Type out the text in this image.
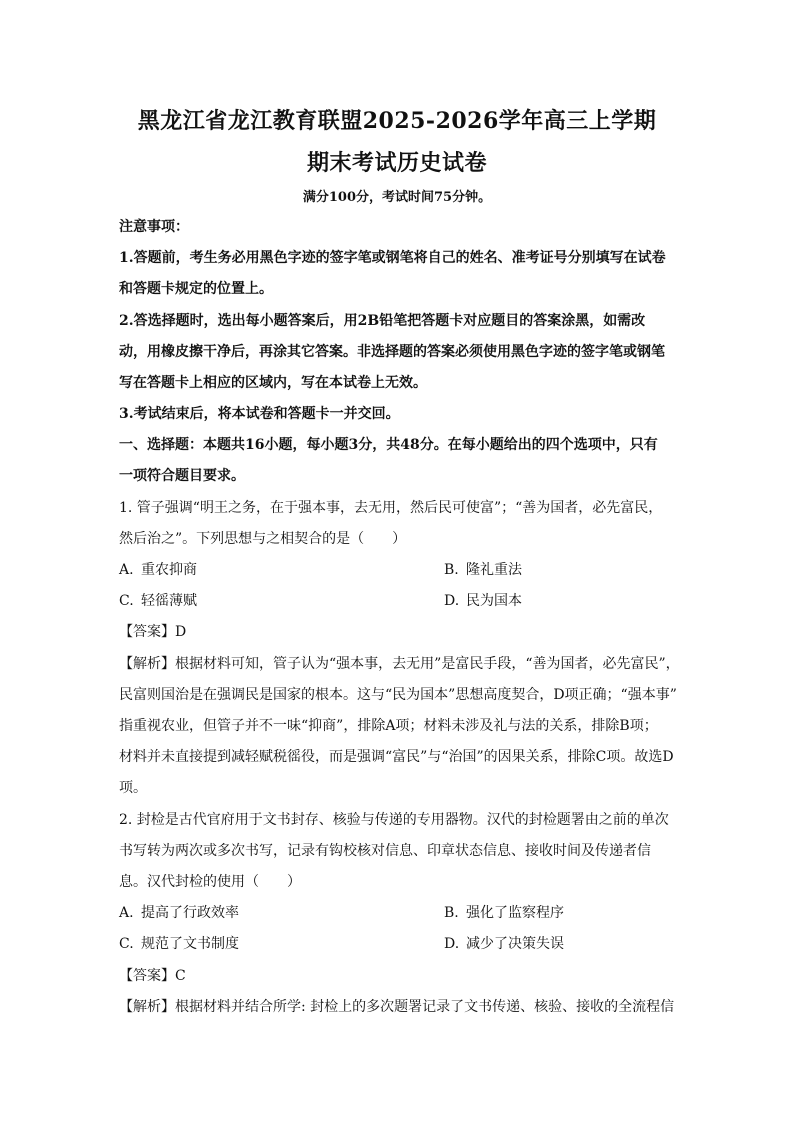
黑龙江省龙江教育联盟2025-2026学年高三上学期
期末考试历史试卷
满分100分，考试时间75分钟。
注意事项：
1.答题前，考生务必用黑色字迹的签字笔或钢笔将自己的姓名、准考证号分别填写在试卷
和答题卡规定的位置上。
2.答选择题时，选出每小题答案后，用2B铅笔把答题卡对应题目的答案涂黑，如需改
动，用橡皮擦干净后，再涂其它答案。非选择题的答案必须使用黑色字迹的签字笔或钢笔
写在答题卡上相应的区域内，写在本试卷上无效。
3.考试结束后，将本试卷和答题卡一并交回。
一、选择题：本题共16小题，每小题3分，共48分。在每小题给出的四个选项中，只有
一项符合题目要求。
1. 管子强调“明王之务，在于强本事，去无用，然后民可使富”；“善为国者，必先富民，
然后治之”。下列思想与之相契合的是（　　）
A. 重农抑商	B. 隆礼重法
C. 轻徭薄赋	D. 民为国本
【答案】D
【解析】根据材料可知，管子认为“强本事，去无用”是富民手段，“善为国者，必先富民”，
民富则国治是在强调民是国家的根本。这与“民为国本”思想高度契合，D项正确；“强本事”
指重视农业，但管子并不一味“抑商”，排除A项；材料未涉及礼与法的关系，排除B项；
材料并未直接提到减轻赋税徭役，而是强调“富民”与“治国”的因果关系，排除C项。故选D
项。
2. 封检是古代官府用于文书封存、核验与传递的专用器物。汉代的封检题署由之前的单次
书写转为两次或多次书写，记录有钩校核对信息、印章状态信息、接收时间及传递者信
息。汉代封检的使用（　　）
A. 提高了行政效率	B. 强化了监察程序
C. 规范了文书制度	D. 减少了决策失误
【答案】C
【解析】根据材料并结合所学: 封检上的多次题署记录了文书传递、核验、接收的全流程信
